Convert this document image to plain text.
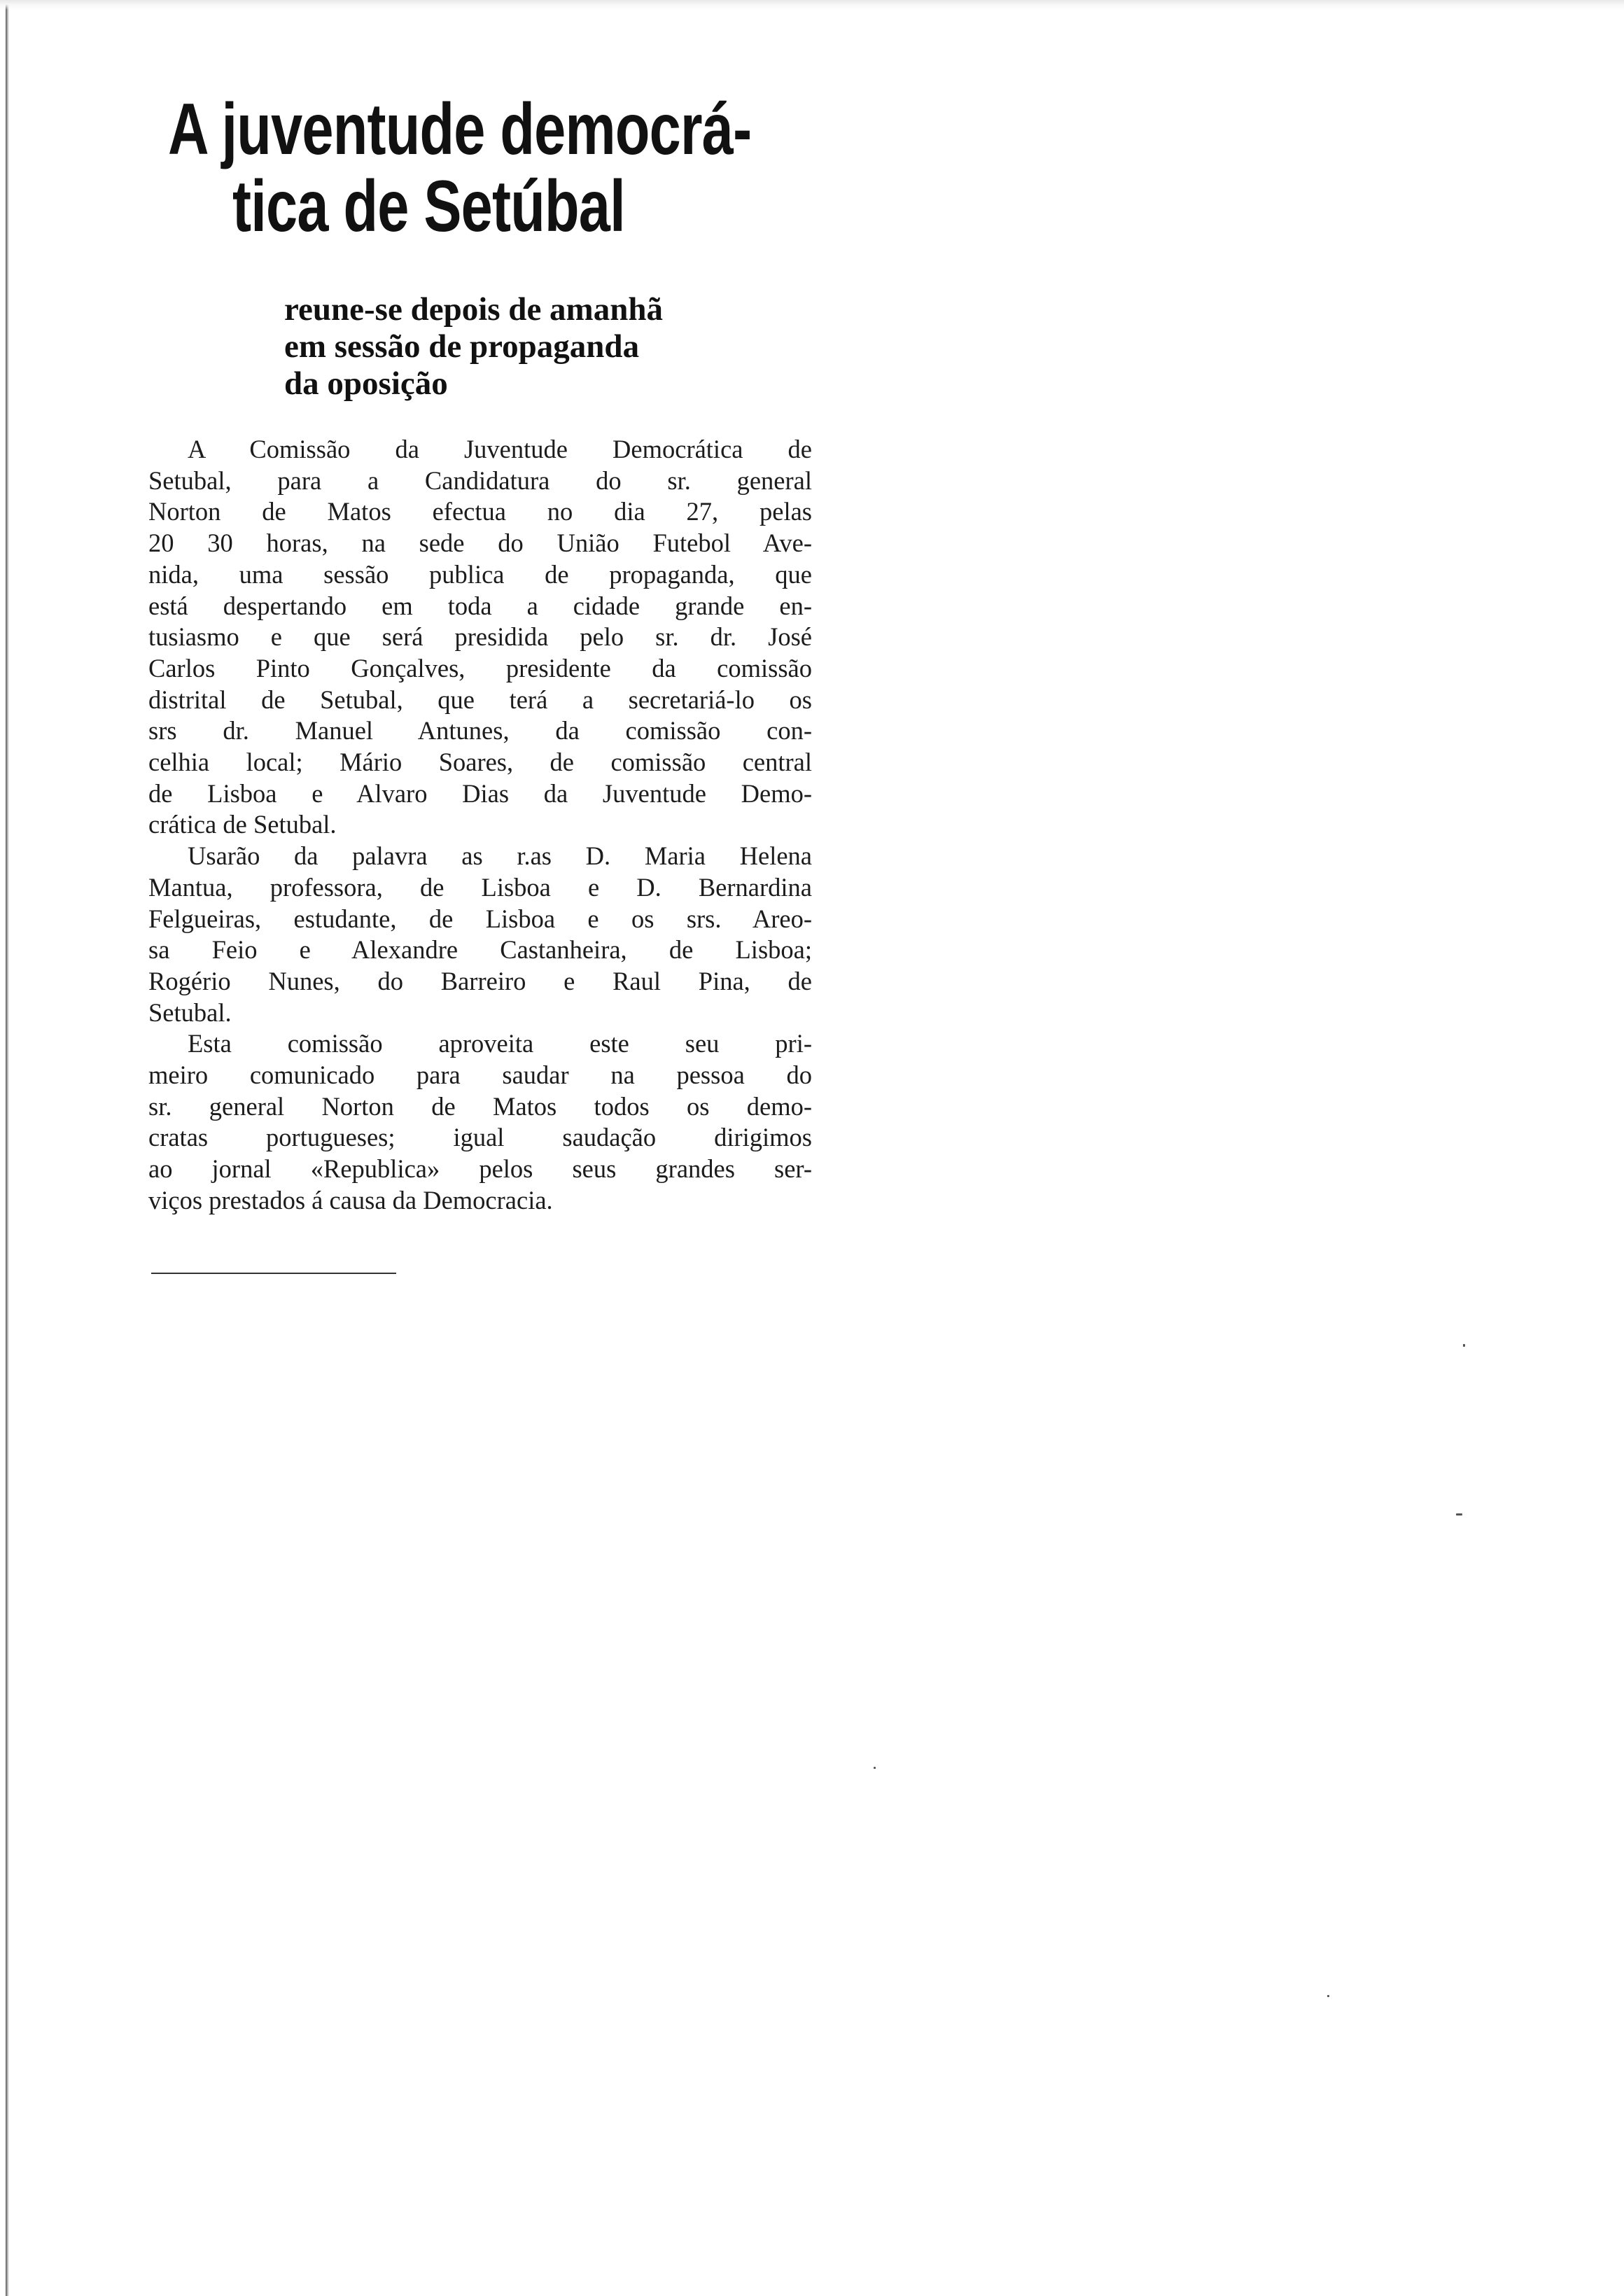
A juventude democrá-
tica de Setúbal
reune-se depois de amanhã
em sessão de propaganda
da oposição

A Comissão da Juventude Democrática de
Setubal, para a Candidatura do sr. general
Norton de Matos efectua no dia 27, pelas
20 30 horas, na sede do União Futebol Ave-
nida, uma sessão publica de propaganda, que
está despertando em toda a cidade grande en-
tusiasmo e que será presidida pelo sr. dr. José
Carlos Pinto Gonçalves, presidente da comissão
distrital de Setubal, que terá a secretariá-lo os
srs dr. Manuel Antunes, da comissão con-
celhia local; Mário Soares, de comissão central
de Lisboa e Alvaro Dias da Juventude Demo-
crática de Setubal.

Usarão da palavra as r.as D. Maria Helena
Mantua, professora, de Lisboa e D. Bernardina
Felgueiras, estudante, de Lisboa e os srs. Areo-
sa Feio e Alexandre Castanheira, de Lisboa;
Rogério Nunes, do Barreiro e Raul Pina, de
Setubal.

Esta comissão aproveita este seu pri-
meiro comunicado para saudar na pessoa do
sr. general Norton de Matos todos os demo-
cratas portugueses; igual saudação dirigimos
ao jornal «Republica» pelos seus grandes ser-
viços prestados á causa da Democracia.
